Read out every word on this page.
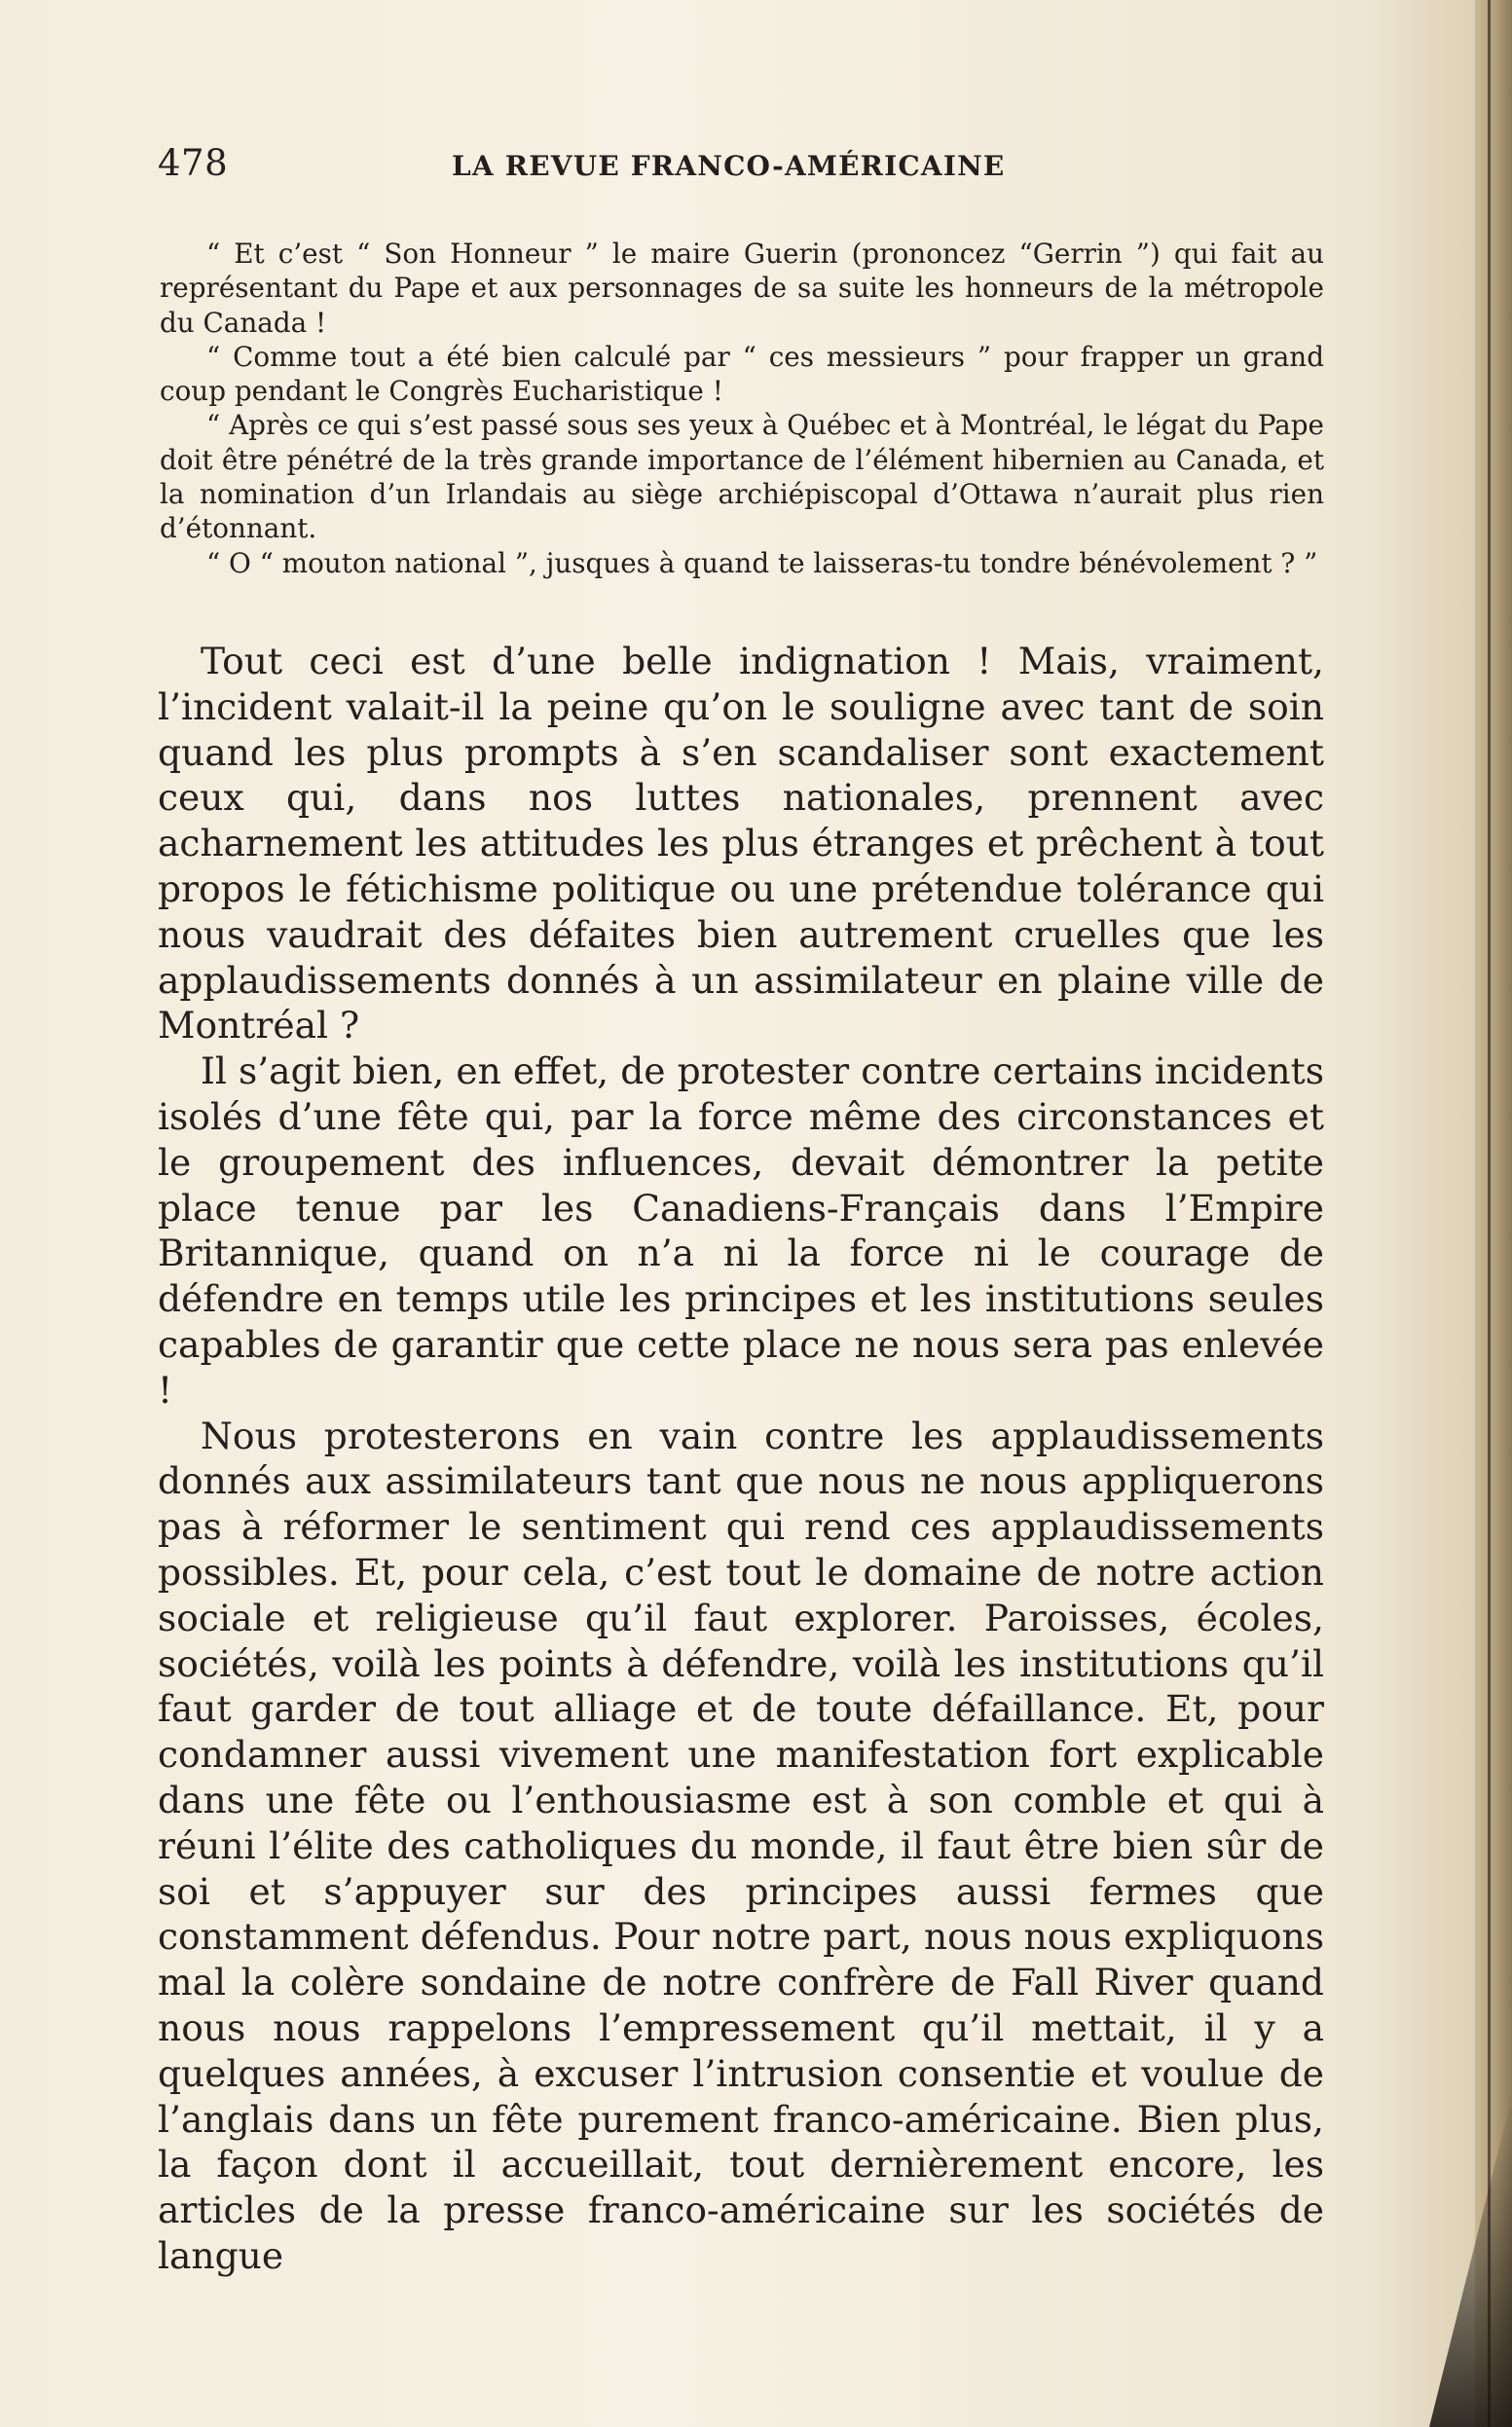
478	LA REVUE FRANCO-AMÉRICAINE

“ Et c’est “ Son Honneur ” le maire Guerin (prononcez “Gerrin ”) qui fait au représentant du Pape et aux personnages de sa suite les honneurs de la métropole du Canada !

“ Comme tout a été bien calculé par “ ces messieurs ” pour frapper un grand coup pendant le Congrès Eucharistique !

“ Après ce qui s’est passé sous ses yeux à Québec et à Montréal, le légat du Pape doit être pénétré de la très grande importance de l’élément hibernien au Canada, et la nomination d’un Irlandais au siège archiépiscopal d’Ottawa n’aurait plus rien d’étonnant.

“ O “ mouton national ”, jusques à quand te laisseras-tu tondre bénévolement ? ”

Tout ceci est d’une belle indignation ! Mais, vraiment, l’incident valait-il la peine qu’on le souligne avec tant de soin quand les plus prompts à s’en scandaliser sont exactement ceux qui, dans nos luttes nationales, prennent avec acharnement les attitudes les plus étranges et prêchent à tout propos le fétichisme politique ou une prétendue tolérance qui nous vaudrait des défaites bien autrement cruelles que les applaudissements donnés à un assimilateur en plaine ville de Montréal ?

Il s’agit bien, en effet, de protester contre certains incidents isolés d’une fête qui, par la force même des circonstances et le groupement des influences, devait démontrer la petite place tenue par les Canadiens-Français dans l’Empire Britannique, quand on n’a ni la force ni le courage de défendre en temps utile les principes et les institutions seules capables de garantir que cette place ne nous sera pas enlevée !

Nous protesterons en vain contre les applaudissements donnés aux assimilateurs tant que nous ne nous appliquerons pas à réformer le sentiment qui rend ces applaudissements possibles. Et, pour cela, c’est tout le domaine de notre action sociale et religieuse qu’il faut explorer. Paroisses, écoles, sociétés, voilà les points à défendre, voilà les institutions qu’il faut garder de tout alliage et de toute défaillance. Et, pour condamner aussi vivement une manifestation fort explicable dans une fête ou l’enthousiasme est à son comble et qui à réuni l’élite des catholiques du monde, il faut être bien sûr de soi et s’appuyer sur des principes aussi fermes que constamment défendus. Pour notre part, nous nous expliquons mal la colère sondaine de notre confrère de Fall River quand nous nous rappelons l’empressement qu’il mettait, il y a quelques années, à excuser l’intrusion consentie et voulue de l’anglais dans un fête purement franco-américaine. Bien plus, la façon dont il accueillait, tout dernièrement encore, les articles de la presse franco-américaine sur les sociétés de langue
